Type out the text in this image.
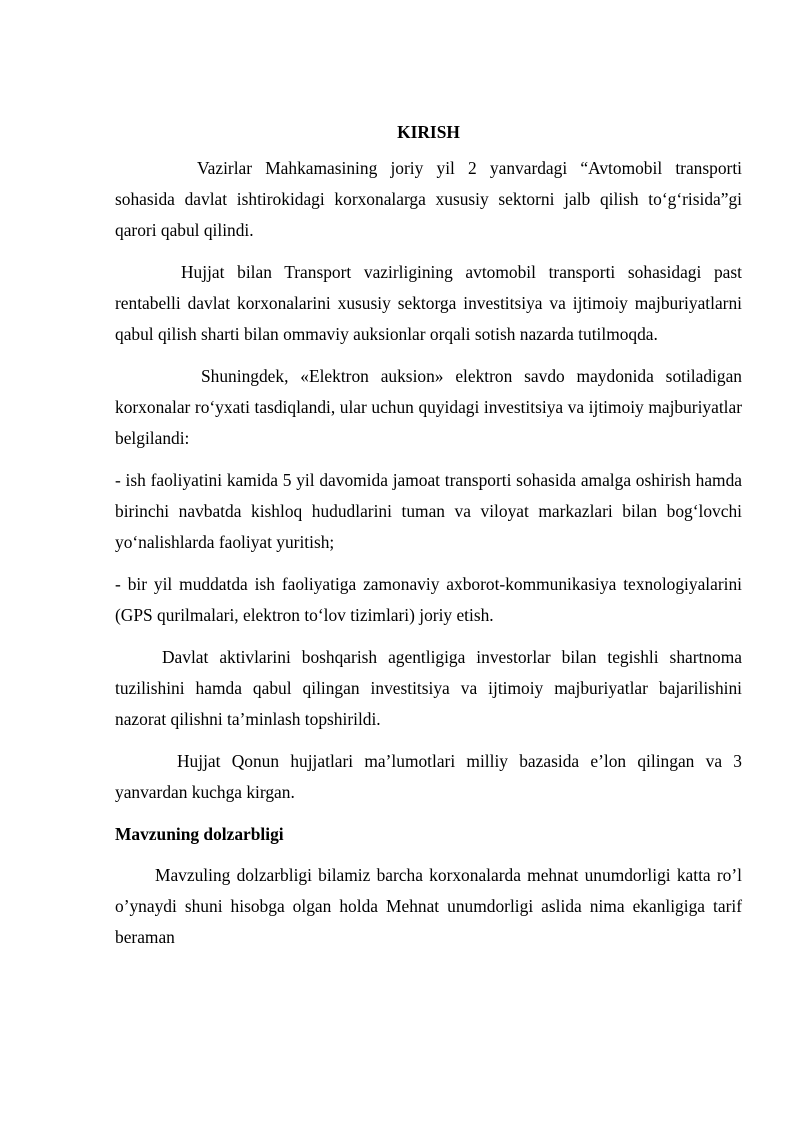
KIRISH

Vazirlar Mahkamasining joriy yil 2 yanvardagi “Avtomobil transporti sohasida davlat ishtirokidagi korxonalarga xususiy sektorni jalb qilish to‘g‘risida”gi qarori qabul qilindi.

Hujjat bilan Transport vazirligining avtomobil transporti sohasidagi past rentabelli davlat korxonalarini xususiy sektorga investitsiya va ijtimoiy majburiyatlarni qabul qilish sharti bilan ommaviy auksionlar orqali sotish nazarda tutilmoqda.

Shuningdek, «Elektron auksion» elektron savdo maydonida sotiladigan korxonalar ro‘yxati tasdiqlandi, ular uchun quyidagi investitsiya va ijtimoiy majburiyatlar belgilandi:

- ish faoliyatini kamida 5 yil davomida jamoat transporti sohasida amalga oshirish hamda birinchi navbatda kishloq hududlarini tuman va viloyat markazlari bilan bog‘lovchi yo‘nalishlarda faoliyat yuritish;

- bir yil muddatda ish faoliyatiga zamonaviy axborot-kommunikasiya texnologiyalarini (GPS qurilmalari, elektron to‘lov tizimlari) joriy etish.

Davlat aktivlarini boshqarish agentligiga investorlar bilan tegishli shartnoma tuzilishini hamda qabul qilingan investitsiya va ijtimoiy majburiyatlar bajarilishini nazorat qilishni ta’minlash topshirildi.

Hujjat Qonun hujjatlari ma’lumotlari milliy bazasida e’lon qilingan va 3 yanvardan kuchga kirgan.

Mavzuning dolzarbligi

Mavzuling dolzarbligi bilamiz barcha korxonalarda mehnat unumdorligi katta ro’l o’ynaydi shuni hisobga olgan holda Mehnat unumdorligi aslida nima ekanligiga tarif beraman
